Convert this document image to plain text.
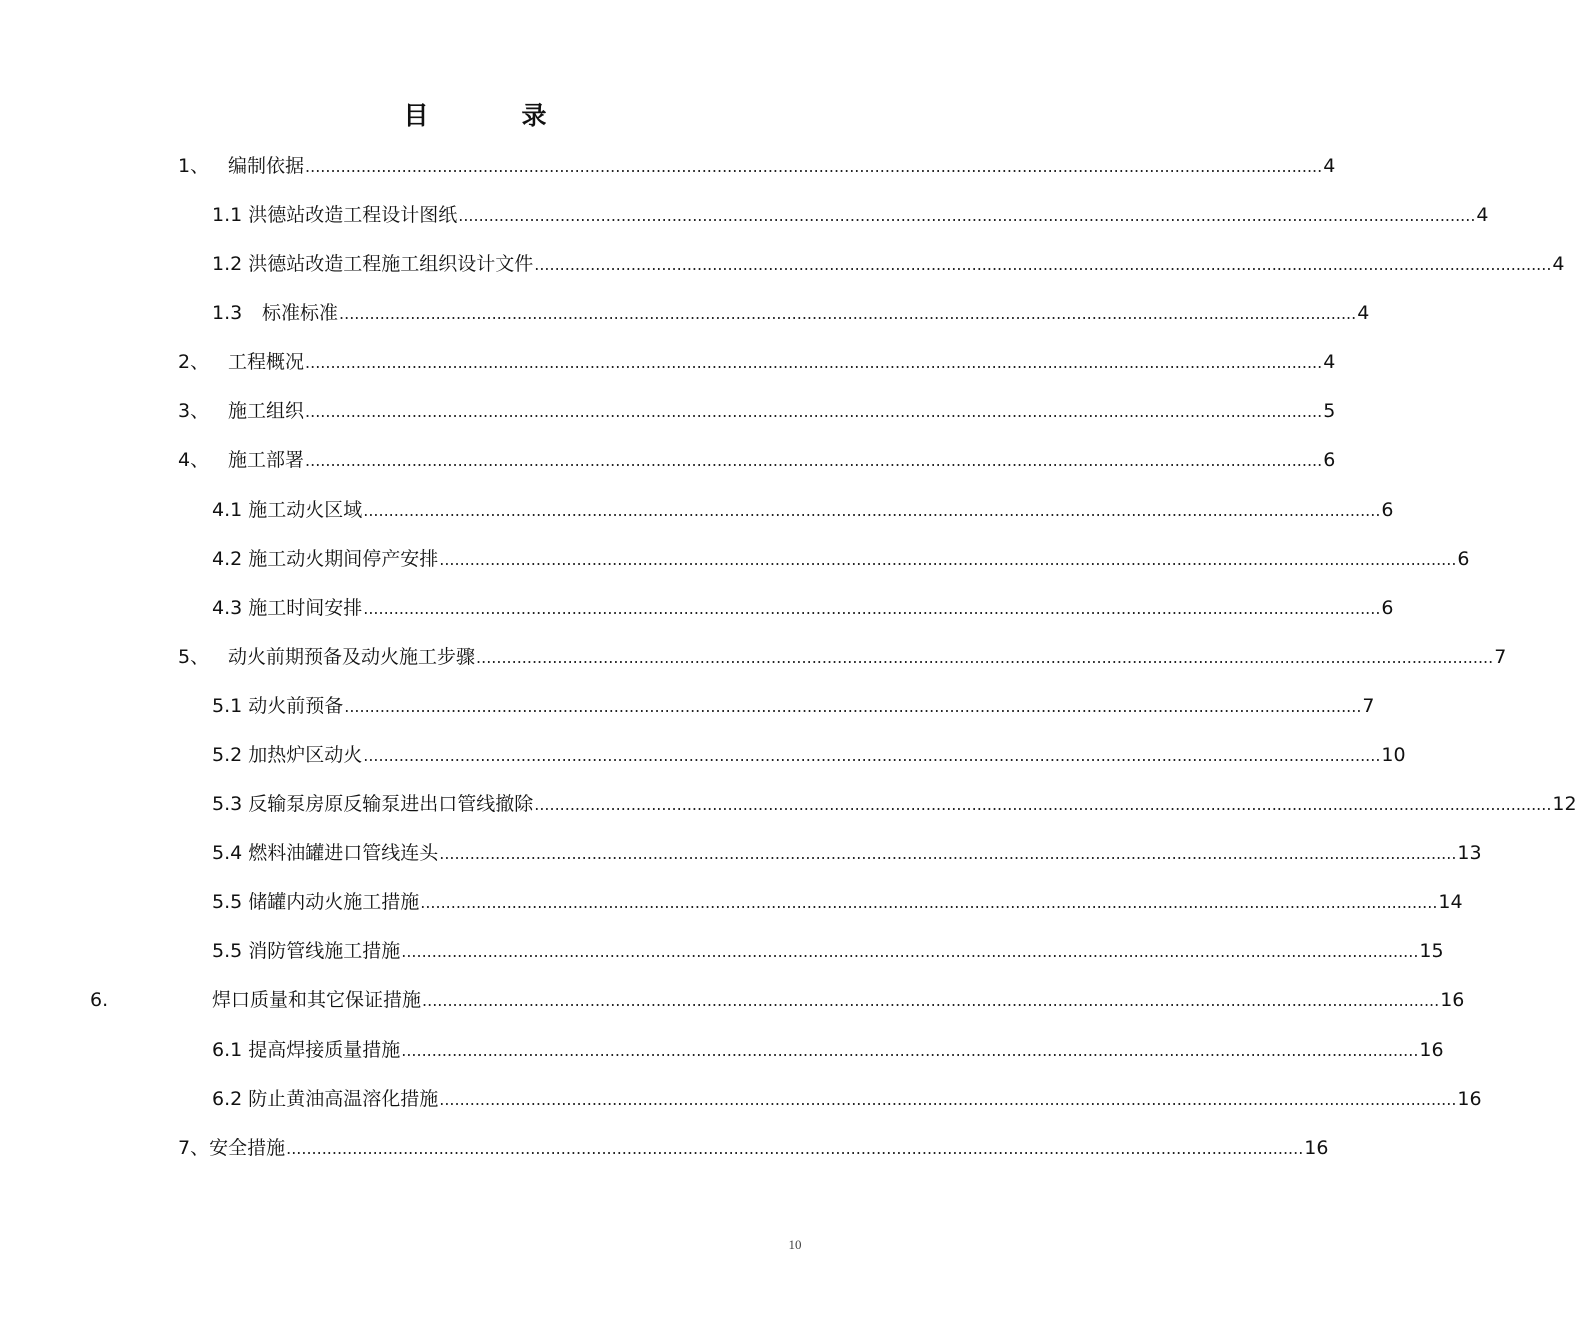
目　录
1、 编制依据 ........................................................................................................................................................................................................ 4
1.1 洪德站改造工程设计图纸 ........................................................................................................................................................................................................ 4
1.2 洪德站改造工程施工组织设计文件 ........................................................................................................................................................................................................ 4
1.3	标准标准 ........................................................................................................................................................................................................ 4
2、 工程概况 ........................................................................................................................................................................................................ 4
3、 施工组织 ........................................................................................................................................................................................................ 5
4、 施工部署 ........................................................................................................................................................................................................ 6
4.1 施工动火区域 ........................................................................................................................................................................................................ 6
4.2 施工动火期间停产安排 ........................................................................................................................................................................................................ 6
4.3 施工时间安排 ........................................................................................................................................................................................................ 6
5、 动火前期预备及动火施工步骤 ........................................................................................................................................................................................................ 7
5.1 动火前预备 ........................................................................................................................................................................................................ 7
5.2 加热炉区动火 ........................................................................................................................................................................................................ 10
5.3 反输泵房原反输泵进出口管线撤除 ........................................................................................................................................................................................................ 12
5.4 燃料油罐进口管线连头 ........................................................................................................................................................................................................ 13
5.5 储罐内动火施工措施 ........................................................................................................................................................................................................ 14
5.5 消防管线施工措施 ........................................................................................................................................................................................................ 15
6.	焊口质量和其它保证措施 ........................................................................................................................................................................................................ 16
6.1 提高焊接质量措施 ........................................................................................................................................................................................................ 16
6.2 防止黄油高温溶化措施 ........................................................................................................................................................................................................ 16
7、 安全措施 ........................................................................................................................................................................................................ 16
10
